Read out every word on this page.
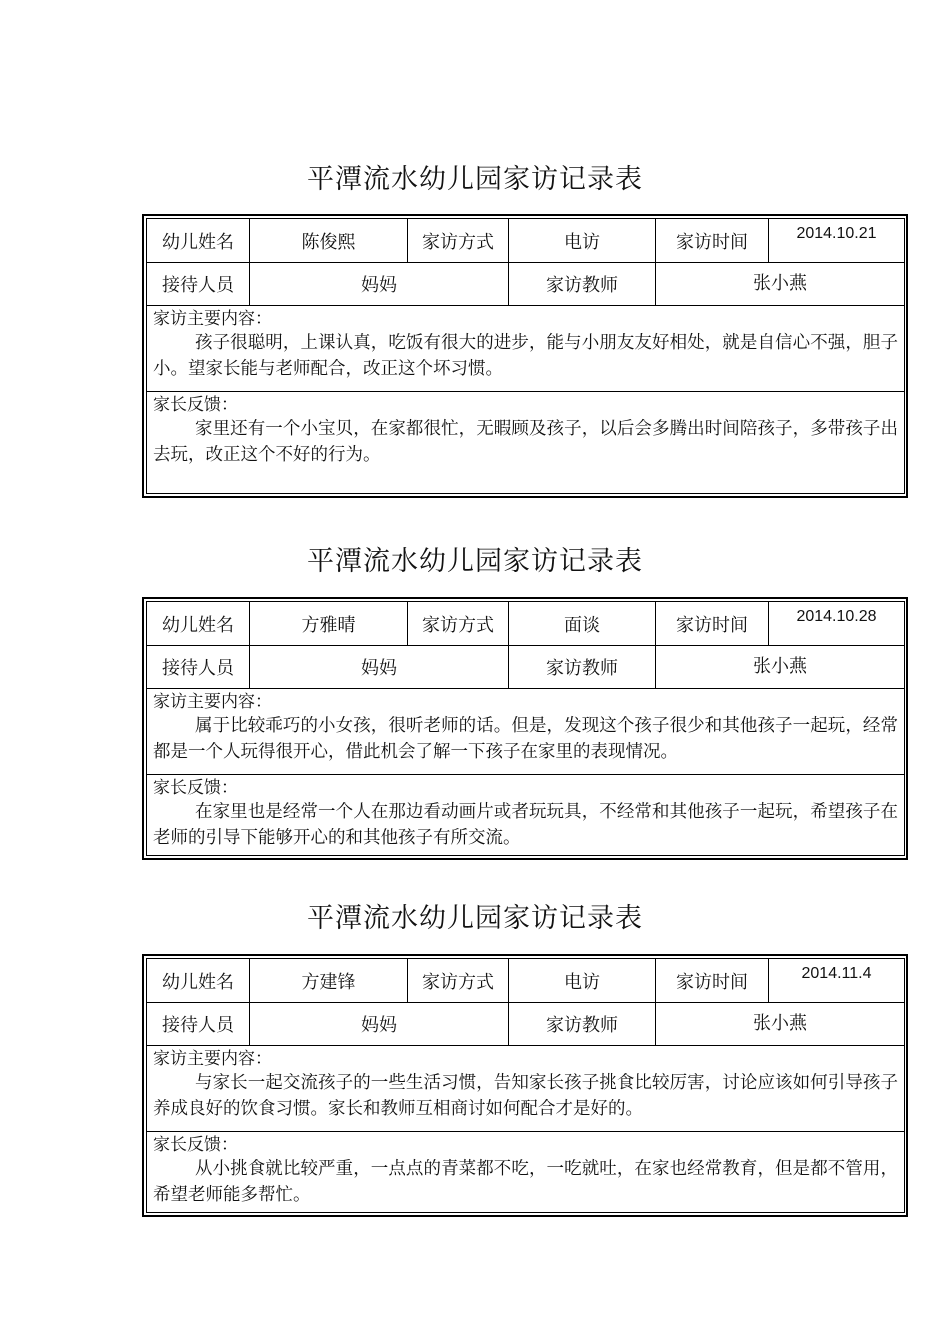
平潭流水幼儿园家访记录表
幼儿姓名	陈俊熙	家访方式	电访	家访时间	2014.10.21
接待人员	妈妈		家访教师	张小燕	

家访主要内容：
孩子很聪明，上课认真，吃饭有很大的进步，能与小朋友友好相处，就是自信心不强，胆子小。望家长能与老师配合，改正这个坏习惯。					

家长反馈：
家里还有一个小宝贝，在家都很忙，无暇顾及孩子，以后会多腾出时间陪孩子，多带孩子出去玩，改正这个不好的行为。					
平潭流水幼儿园家访记录表
幼儿姓名	方雅晴	家访方式	面谈	家访时间	2014.10.28
接待人员	妈妈		家访教师	张小燕	

家访主要内容：
属于比较乖巧的小女孩，很听老师的话。但是，发现这个孩子很少和其他孩子一起玩，经常都是一个人玩得很开心，借此机会了解一下孩子在家里的表现情况。					

家长反馈：
在家里也是经常一个人在那边看动画片或者玩玩具，不经常和其他孩子一起玩，希望孩子在老师的引导下能够开心的和其他孩子有所交流。					
平潭流水幼儿园家访记录表
幼儿姓名	方建锋	家访方式	电访	家访时间	2014.11.4
接待人员	妈妈		家访教师	张小燕	

家访主要内容：
与家长一起交流孩子的一些生活习惯，告知家长孩子挑食比较厉害，讨论应该如何引导孩子养成良好的饮食习惯。家长和教师互相商讨如何配合才是好的。					

家长反馈：
从小挑食就比较严重，一点点的青菜都不吃，一吃就吐，在家也经常教育，但是都不管用，希望老师能多帮忙。					
